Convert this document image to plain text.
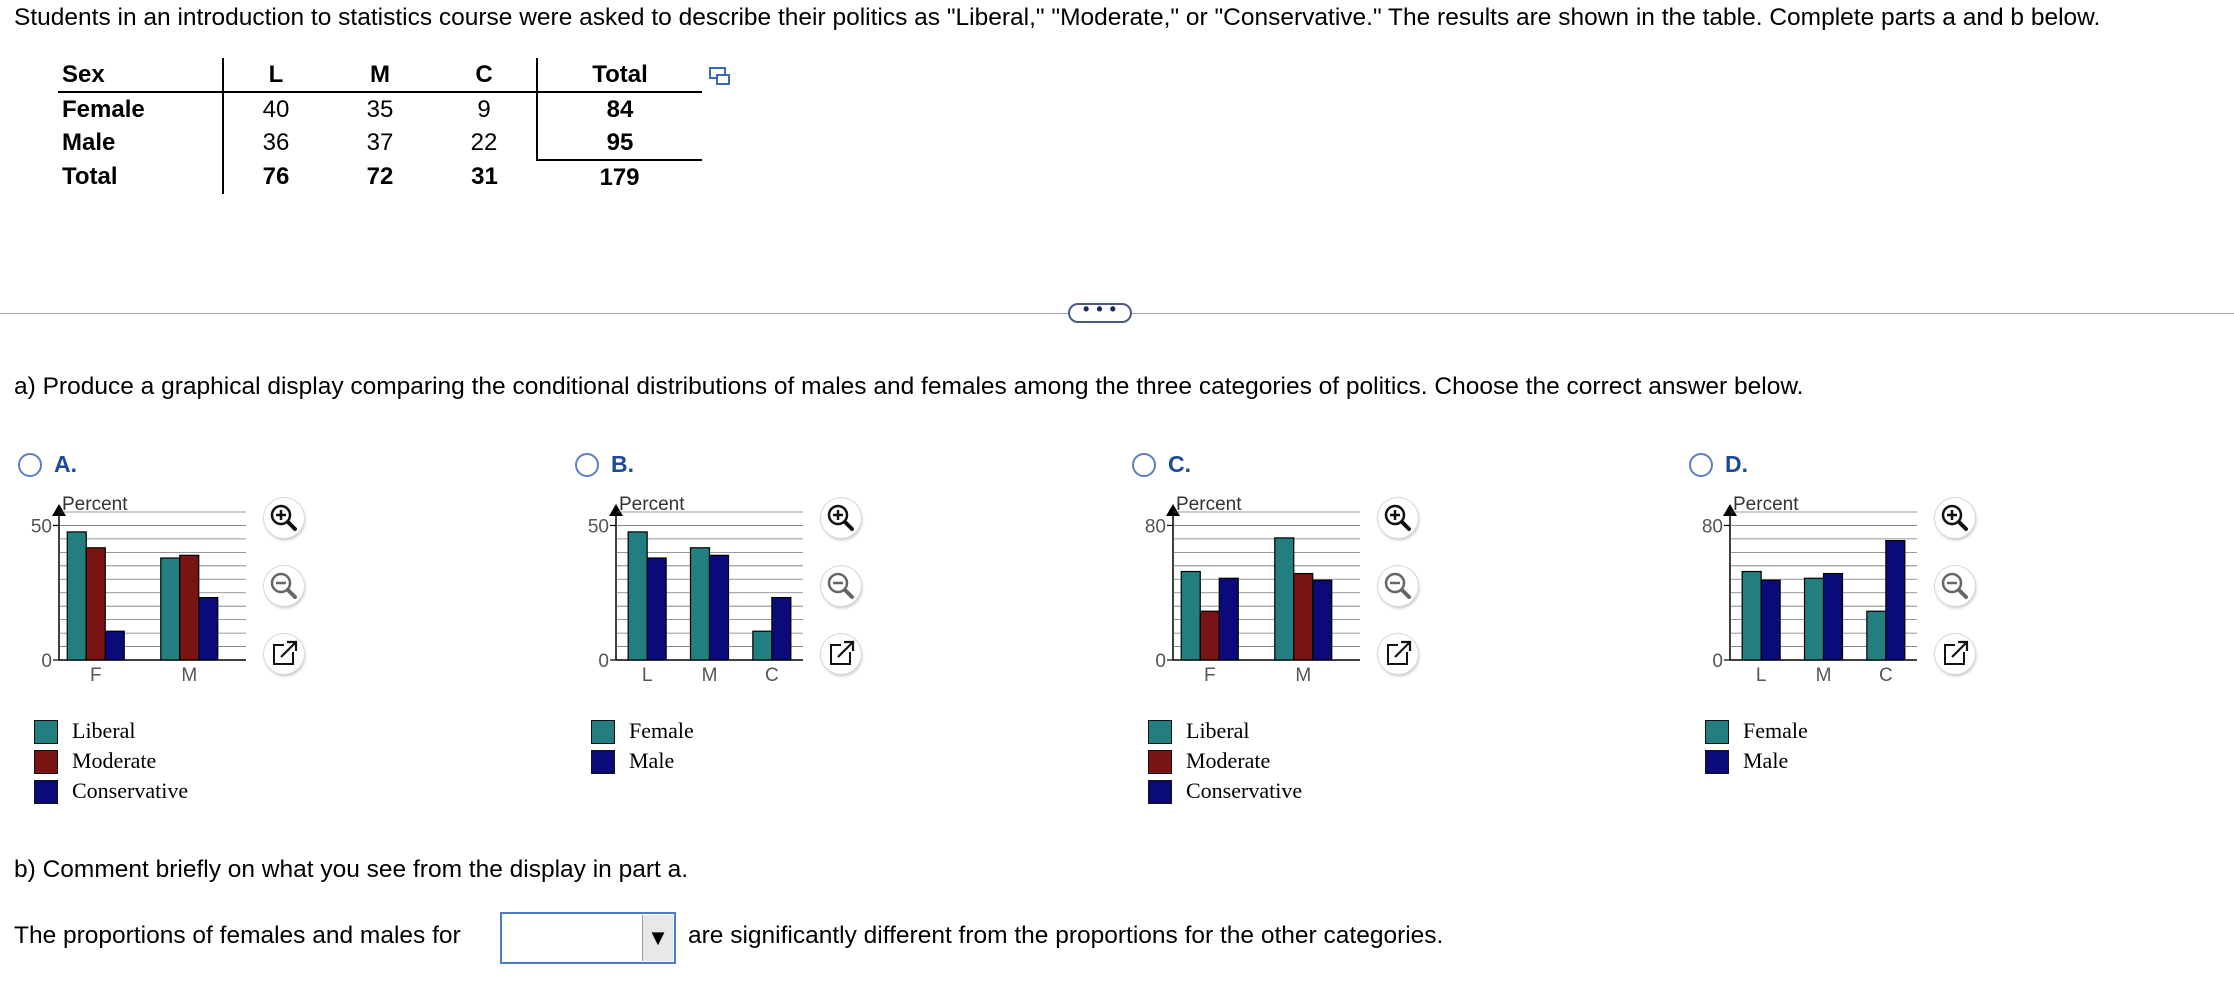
Students in an introduction to statistics course were asked to describe their politics as "Liberal," "Moderate," or "Conservative." The results are shown in the table. Complete parts a and b below.
Sex	L	M	C	Total
Female	40	35	9	84
Male	36	37	22	95
Total	76	72	31	179
• • •
a) Produce a graphical display comparing the conditional distributions of males and females among the three categories of politics. Choose the correct answer below.
A.
Percent
0
50
F	M
Liberal
Moderate
Conservative
B.
Percent
0
50
L	M	C
Female
Male
C.
Percent
0
80
F	M
Liberal
Moderate
Conservative
D.
Percent
0
80
L	M	C
Female
Male
b) Comment briefly on what you see from the display in part a.
The proportions of females and males for	▼ are significantly different from the proportions for the other categories.
